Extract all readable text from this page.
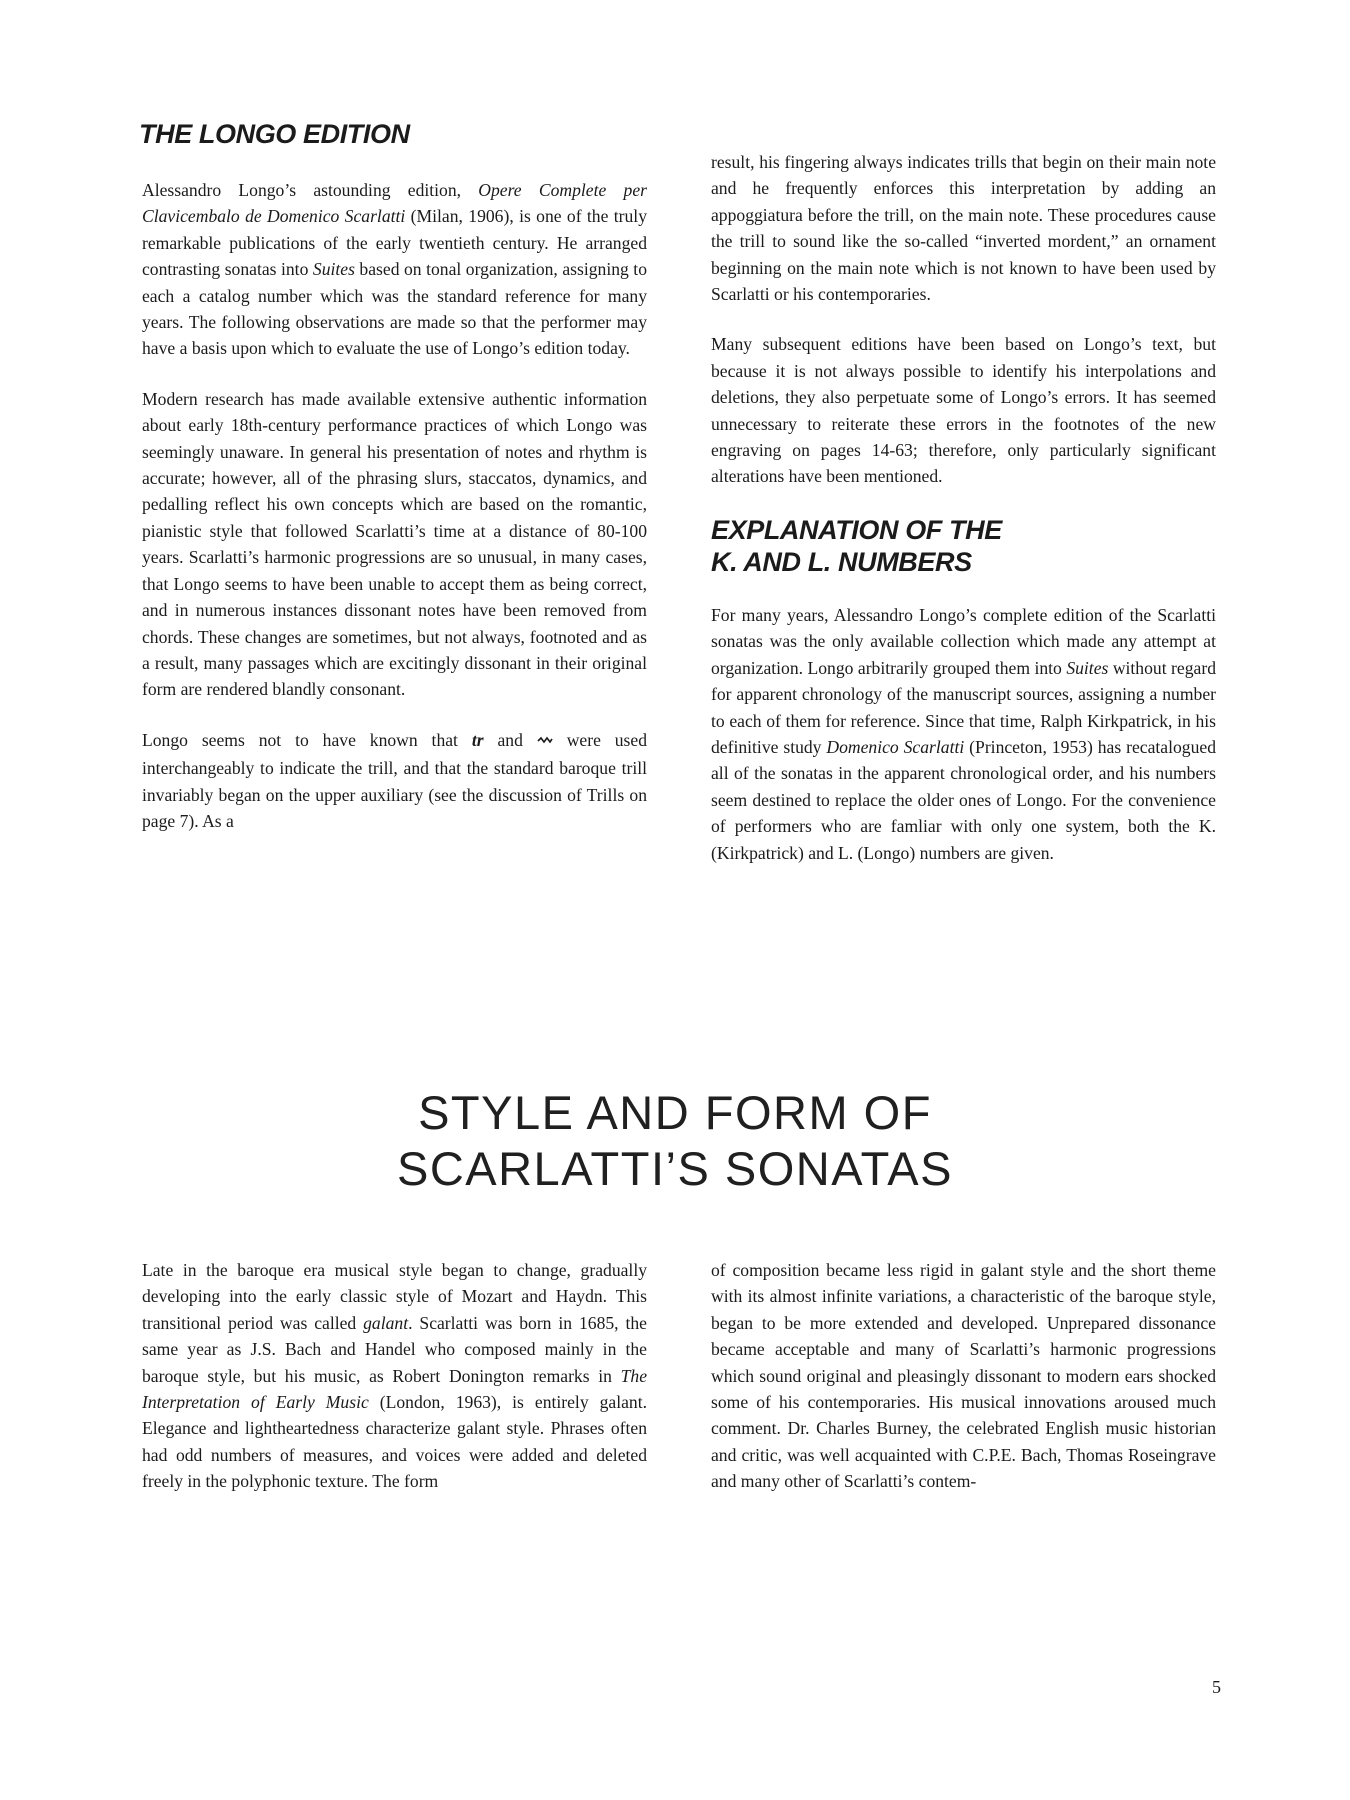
THE LONGO EDITION

Alessandro Longo’s astounding edition, Opere Complete per Clavicembalo de Domenico Scarlatti (Milan, 1906), is one of the truly remarkable publications of the early twentieth century. He arranged contrasting sonatas into Suites based on tonal organization, assigning to each a catalog number which was the standard reference for many years. The following observations are made so that the performer may have a basis upon which to evaluate the use of Longo’s edition today.

Modern research has made available extensive authentic information about early 18th-century performance practices of which Longo was seemingly unaware. In general his presentation of notes and rhythm is accurate; however, all of the phrasing slurs, staccatos, dynamics, and pedalling reflect his own concepts which are based on the romantic, pianistic style that followed Scarlatti’s time at a distance of 80-100 years. Scarlatti’s harmonic progressions are so unusual, in many cases, that Longo seems to have been unable to accept them as being correct, and in numerous instances dissonant notes have been removed from chords. These changes are sometimes, but not always, footnoted and as a result, many passages which are excitingly dissonant in their original form are rendered blandly consonant.

Longo seems not to have known that tr and  were used interchangeably to indicate the trill, and that the standard baroque trill invariably began on the upper auxiliary (see the discussion of Trills on page 7). As a

result, his fingering always indicates trills that begin on their main note and he frequently enforces this interpretation by adding an appoggiatura before the trill, on the main note. These procedures cause the trill to sound like the so-called “inverted mordent,” an ornament beginning on the main note which is not known to have been used by Scarlatti or his contemporaries.

Many subsequent editions have been based on Longo’s text, but because it is not always possible to identify his interpolations and deletions, they also perpetuate some of Longo’s errors. It has seemed unnecessary to reiterate these errors in the footnotes of the new engraving on pages 14-63; therefore, only particularly significant alterations have been mentioned.

EXPLANATION OF THE
K. AND L. NUMBERS

For many years, Alessandro Longo’s complete edition of the Scarlatti sonatas was the only available collection which made any attempt at organization. Longo arbitrarily grouped them into Suites without regard for apparent chronology of the manuscript sources, assigning a number to each of them for reference. Since that time, Ralph Kirkpatrick, in his definitive study Domenico Scarlatti (Princeton, 1953) has recatalogued all of the sonatas in the apparent chronological order, and his numbers seem destined to replace the older ones of Longo. For the convenience of performers who are famliar with only one system, both the K. (Kirkpatrick) and L. (Longo) numbers are given.

STYLE AND FORM OF
SCARLATTI’S SONATAS

Late in the baroque era musical style began to change, gradually developing into the early classic style of Mozart and Haydn. This transitional period was called galant. Scarlatti was born in 1685, the same year as J.S. Bach and Handel who composed mainly in the baroque style, but his music, as Robert Donington remarks in The Interpretation of Early Music (London, 1963), is entirely galant. Elegance and lightheartedness characterize galant style. Phrases often had odd numbers of measures, and voices were added and deleted freely in the polyphonic texture. The form

of composition became less rigid in galant style and the short theme with its almost infinite variations, a characteristic of the baroque style, began to be more extended and developed. Unprepared dissonance became acceptable and many of Scarlatti’s harmonic progressions which sound original and pleasingly dissonant to modern ears shocked some of his contemporaries. His musical innovations aroused much comment. Dr. Charles Burney, the celebrated English music historian and critic, was well acquainted with C.P.E. Bach, Thomas Roseingrave and many other of Scarlatti’s contem-

5
